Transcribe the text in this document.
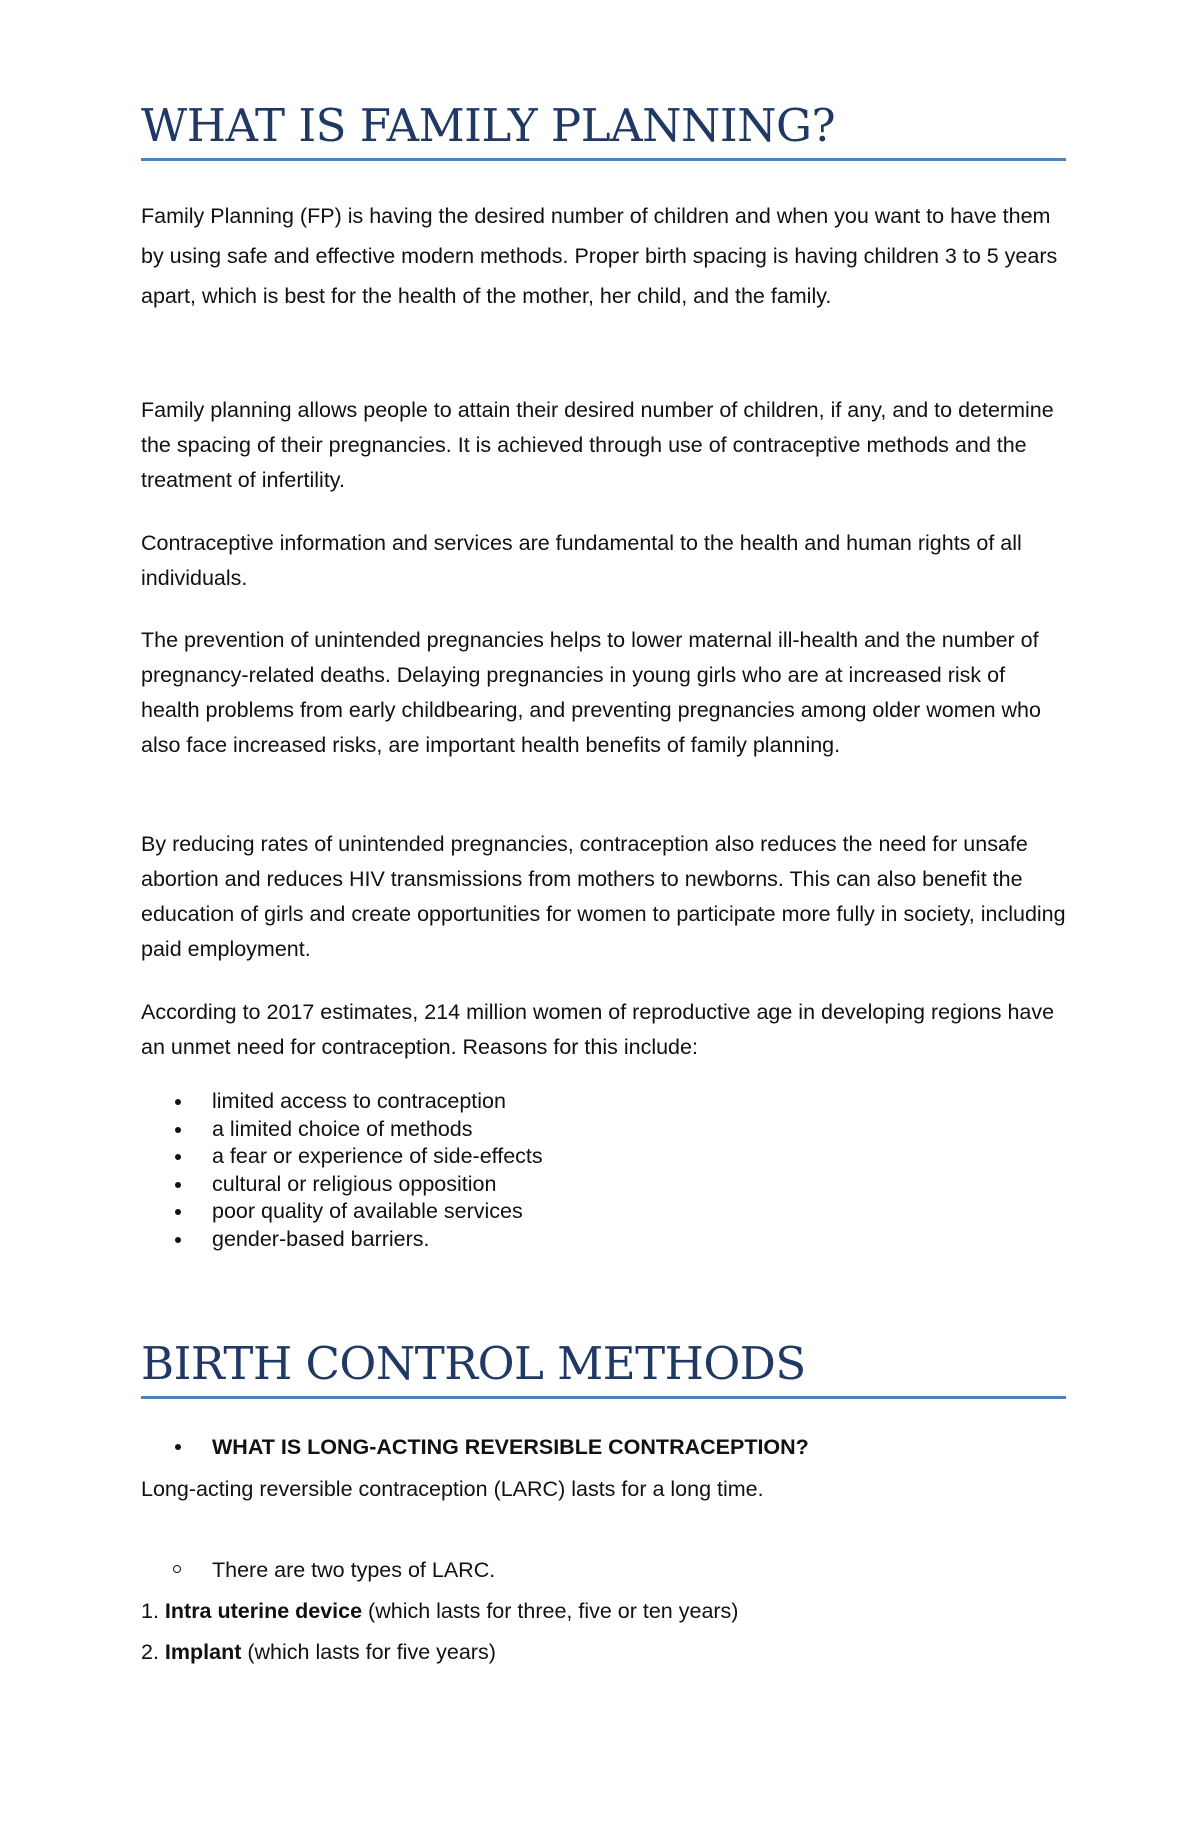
WHAT IS FAMILY PLANNING?

Family Planning (FP) is having the desired number of children and when you want to have them by using safe and effective modern methods. Proper birth spacing is having children 3 to 5 years apart, which is best for the health of the mother, her child, and the family.

Family planning allows people to attain their desired number of children, if any, and to determine the spacing of their pregnancies. It is achieved through use of contraceptive methods and the treatment of infertility.

Contraceptive information and services are fundamental to the health and human rights of all individuals.

The prevention of unintended pregnancies helps to lower maternal ill-health and the number of pregnancy-related deaths. Delaying pregnancies in young girls who are at increased risk of health problems from early childbearing, and preventing pregnancies among older women who also face increased risks, are important health benefits of family planning.

By reducing rates of unintended pregnancies, contraception also reduces the need for unsafe abortion and reduces HIV transmissions from mothers to newborns. This can also benefit the education of girls and create opportunities for women to participate more fully in society, including paid employment.

According to 2017 estimates, 214 million women of reproductive age in developing regions have an unmet need for contraception. Reasons for this include:

limited access to contraception
a limited choice of methods
a fear or experience of side-effects
cultural or religious opposition
poor quality of available services
gender-based barriers.
BIRTH CONTROL METHODS
WHAT IS LONG-ACTING REVERSIBLE CONTRACEPTION?
Long-acting reversible contraception (LARC) lasts for a long time.
There are two types of LARC.
1. Intra uterine device (which lasts for three, five or ten years)
2. Implant (which lasts for five years)
